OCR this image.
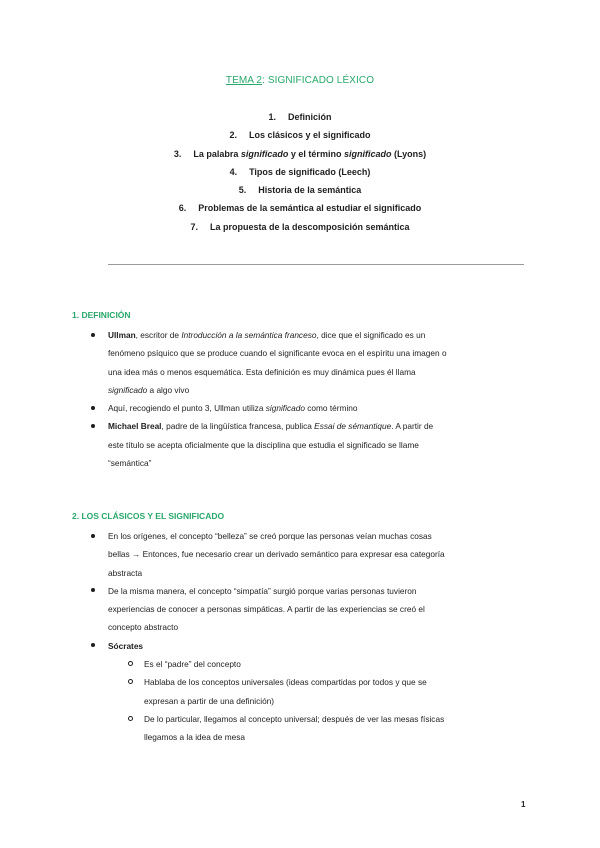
TEMA 2: SIGNIFICADO LÉXICO
1. Definición
2. Los clásicos y el significado
3. La palabra significado y el término significado (Lyons)
4. Tipos de significado (Leech)
5. Historia de la semántica
6. Problemas de la semántica al estudiar el significado
7. La propuesta de la descomposición semántica
1. DEFINICIÓN
Ullman, escritor de Introducción a la semántica franceso, dice que el significado es un
fenómeno psíquico que se produce cuando el significante evoca en el espíritu una imagen o
una idea más o menos esquemática. Esta definición es muy dinámica pues él llama
significado a algo vivo
Aquí, recogiendo el punto 3, Ullman utiliza significado como término
Michael Breal, padre de la lingüística francesa, publica Essai de sémantique. A partir de
este título se acepta oficialmente que la disciplina que estudia el significado se llame
“semántica”
2. LOS CLÁSICOS Y EL SIGNIFICADO
En los orígenes, el concepto “belleza” se creó porque las personas veían muchas cosas
bellas → Entonces, fue necesario crear un derivado semántico para expresar esa categoría
abstracta
De la misma manera, el concepto “simpatía” surgió porque varias personas tuvieron
experiencias de conocer a personas simpáticas. A partir de las experiencias se creó el
concepto abstracto
Sócrates
Es el “padre” del concepto
Hablaba de los conceptos universales (ideas compartidas por todos y que se
expresan a partir de una definición)
De lo particular, llegamos al concepto universal; después de ver las mesas físicas
llegamos a la idea de mesa
1
